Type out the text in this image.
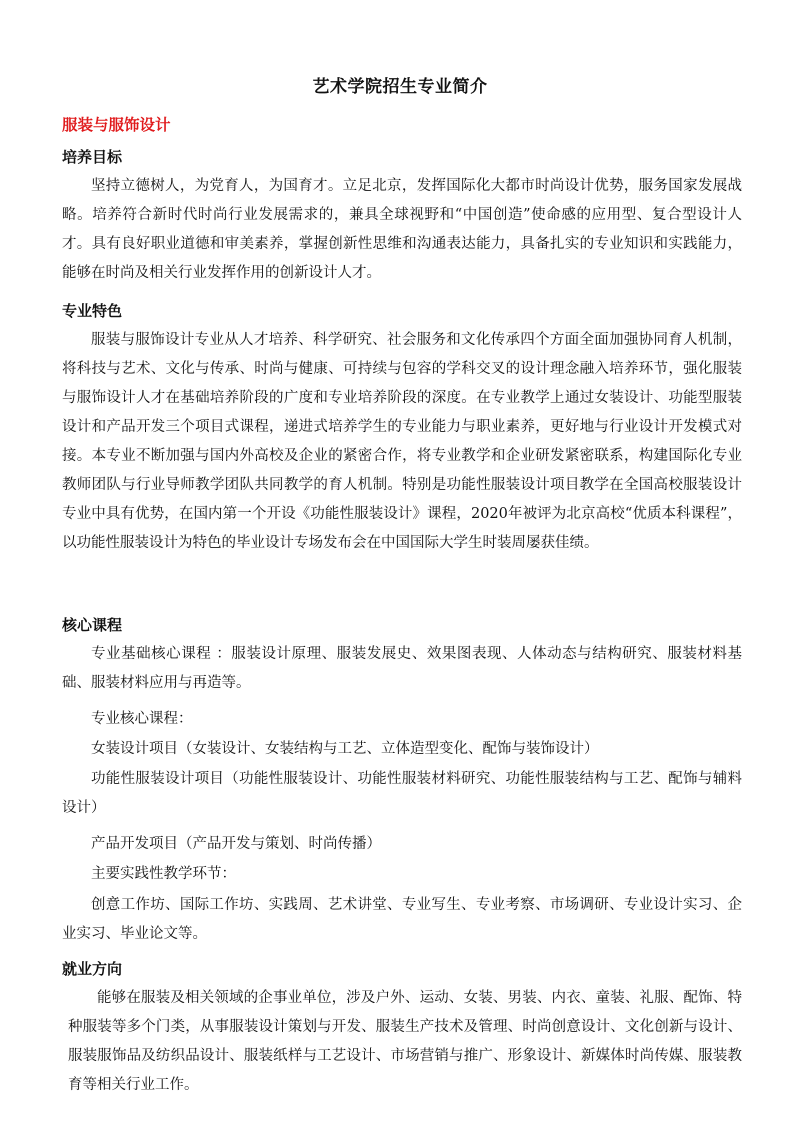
艺术学院招生专业简介
服装与服饰设计
培养目标

坚持立德树人，为党育人，为国育才。立足北京，发挥国际化大都市时尚设计优势，服务国家发展战略。培养符合新时代时尚行业发展需求的，兼具全球视野和“中国创造”使命感的应用型、复合型设计人才。具有良好职业道德和审美素养，掌握创新性思维和沟通表达能力，具备扎实的专业知识和实践能力，能够在时尚及相关行业发挥作用的创新设计人才。

专业特色

服装与服饰设计专业从人才培养、科学研究、社会服务和文化传承四个方面全面加强协同育人机制，将科技与艺术、文化与传承、时尚与健康、可持续与包容的学科交叉的设计理念融入培养环节，强化服装与服饰设计人才在基础培养阶段的广度和专业培养阶段的深度。在专业教学上通过女装设计、功能型服装设计和产品开发三个项目式课程，递进式培养学生的专业能力与职业素养，更好地与行业设计开发模式对接。本专业不断加强与国内外高校及企业的紧密合作，将专业教学和企业研发紧密联系，构建国际化专业教师团队与行业导师教学团队共同教学的育人机制。特别是功能性服装设计项目教学在全国高校服装设计专业中具有优势，在国内第一个开设《功能性服装设计》课程，2020年被评为北京高校“优质本科课程”，以功能性服装设计为特色的毕业设计专场发布会在中国国际大学生时装周屡获佳绩。

核心课程

专业基础核心课程 ：服装设计原理、服装发展史、效果图表现、人体动态与结构研究、服装材料基础、服装材料应用与再造等。

专业核心课程：

女装设计项目（女装设计、女装结构与工艺、立体造型变化、配饰与装饰设计）

功能性服装设计项目（功能性服装设计、功能性服装材料研究、功能性服装结构与工艺、配饰与辅料设计）

产品开发项目（产品开发与策划、时尚传播）

主要实践性教学环节：

创意工作坊、国际工作坊、实践周、艺术讲堂、专业写生、专业考察、市场调研、专业设计实习、企业实习、毕业论文等。

就业方向

能够在服装及相关领域的企事业单位，涉及户外、运动、女装、男装、内衣、童装、礼服、配饰、特种服装等多个门类，从事服装设计策划与开发、服装生产技术及管理、时尚创意设计、文化创新与设计、服装服饰品及纺织品设计、服装纸样与工艺设计、市场营销与推广、形象设计、新媒体时尚传媒、服装教育等相关行业工作。
